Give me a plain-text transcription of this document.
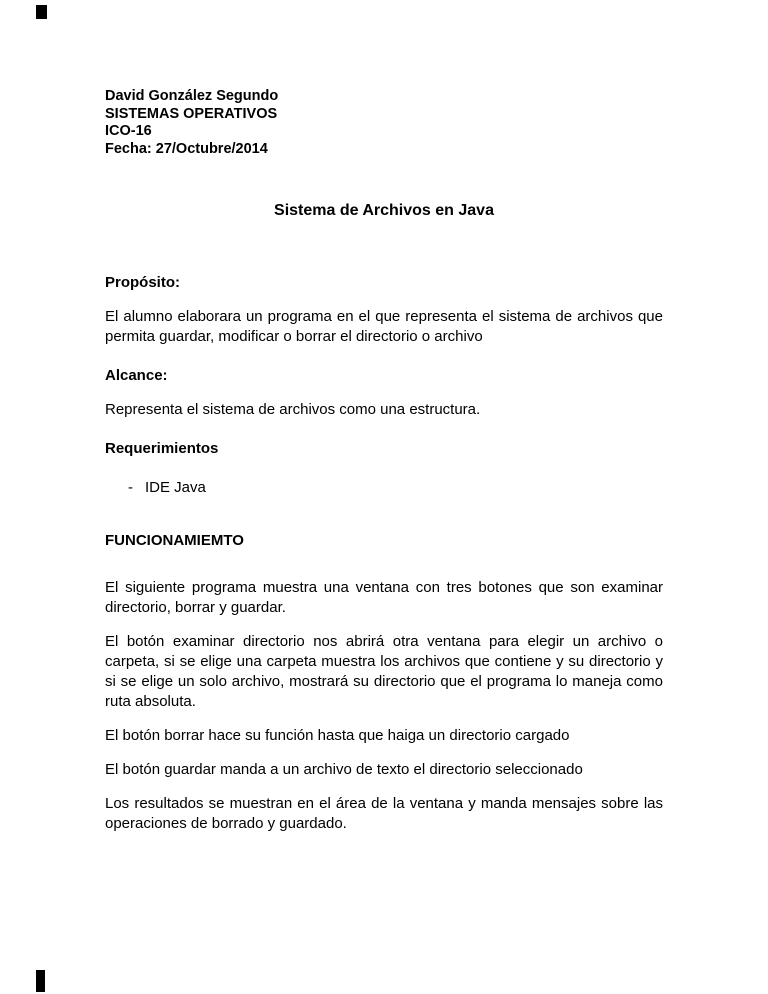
David González Segundo
SISTEMAS OPERATIVOS
ICO-16
Fecha: 27/Octubre/2014
Sistema de Archivos en Java
Propósito:
El alumno elaborara un programa en el que representa el sistema de archivos que permita guardar, modificar o borrar el directorio o archivo
Alcance:
Representa el sistema de archivos como una estructura.
Requerimientos
- IDE Java
FUNCIONAMIEMTO
El siguiente programa muestra una ventana con tres botones que son examinar directorio, borrar y guardar.
El botón examinar directorio nos abrirá otra ventana para elegir un archivo o carpeta, si se elige una carpeta muestra los archivos que contiene y su directorio y si se elige un solo archivo, mostrará su directorio que el programa lo maneja como ruta absoluta.
El botón borrar hace su función hasta que haiga un directorio cargado
El botón guardar manda a un archivo de texto el directorio seleccionado
Los resultados se muestran en el área de la ventana y manda mensajes sobre las operaciones de borrado y guardado.
